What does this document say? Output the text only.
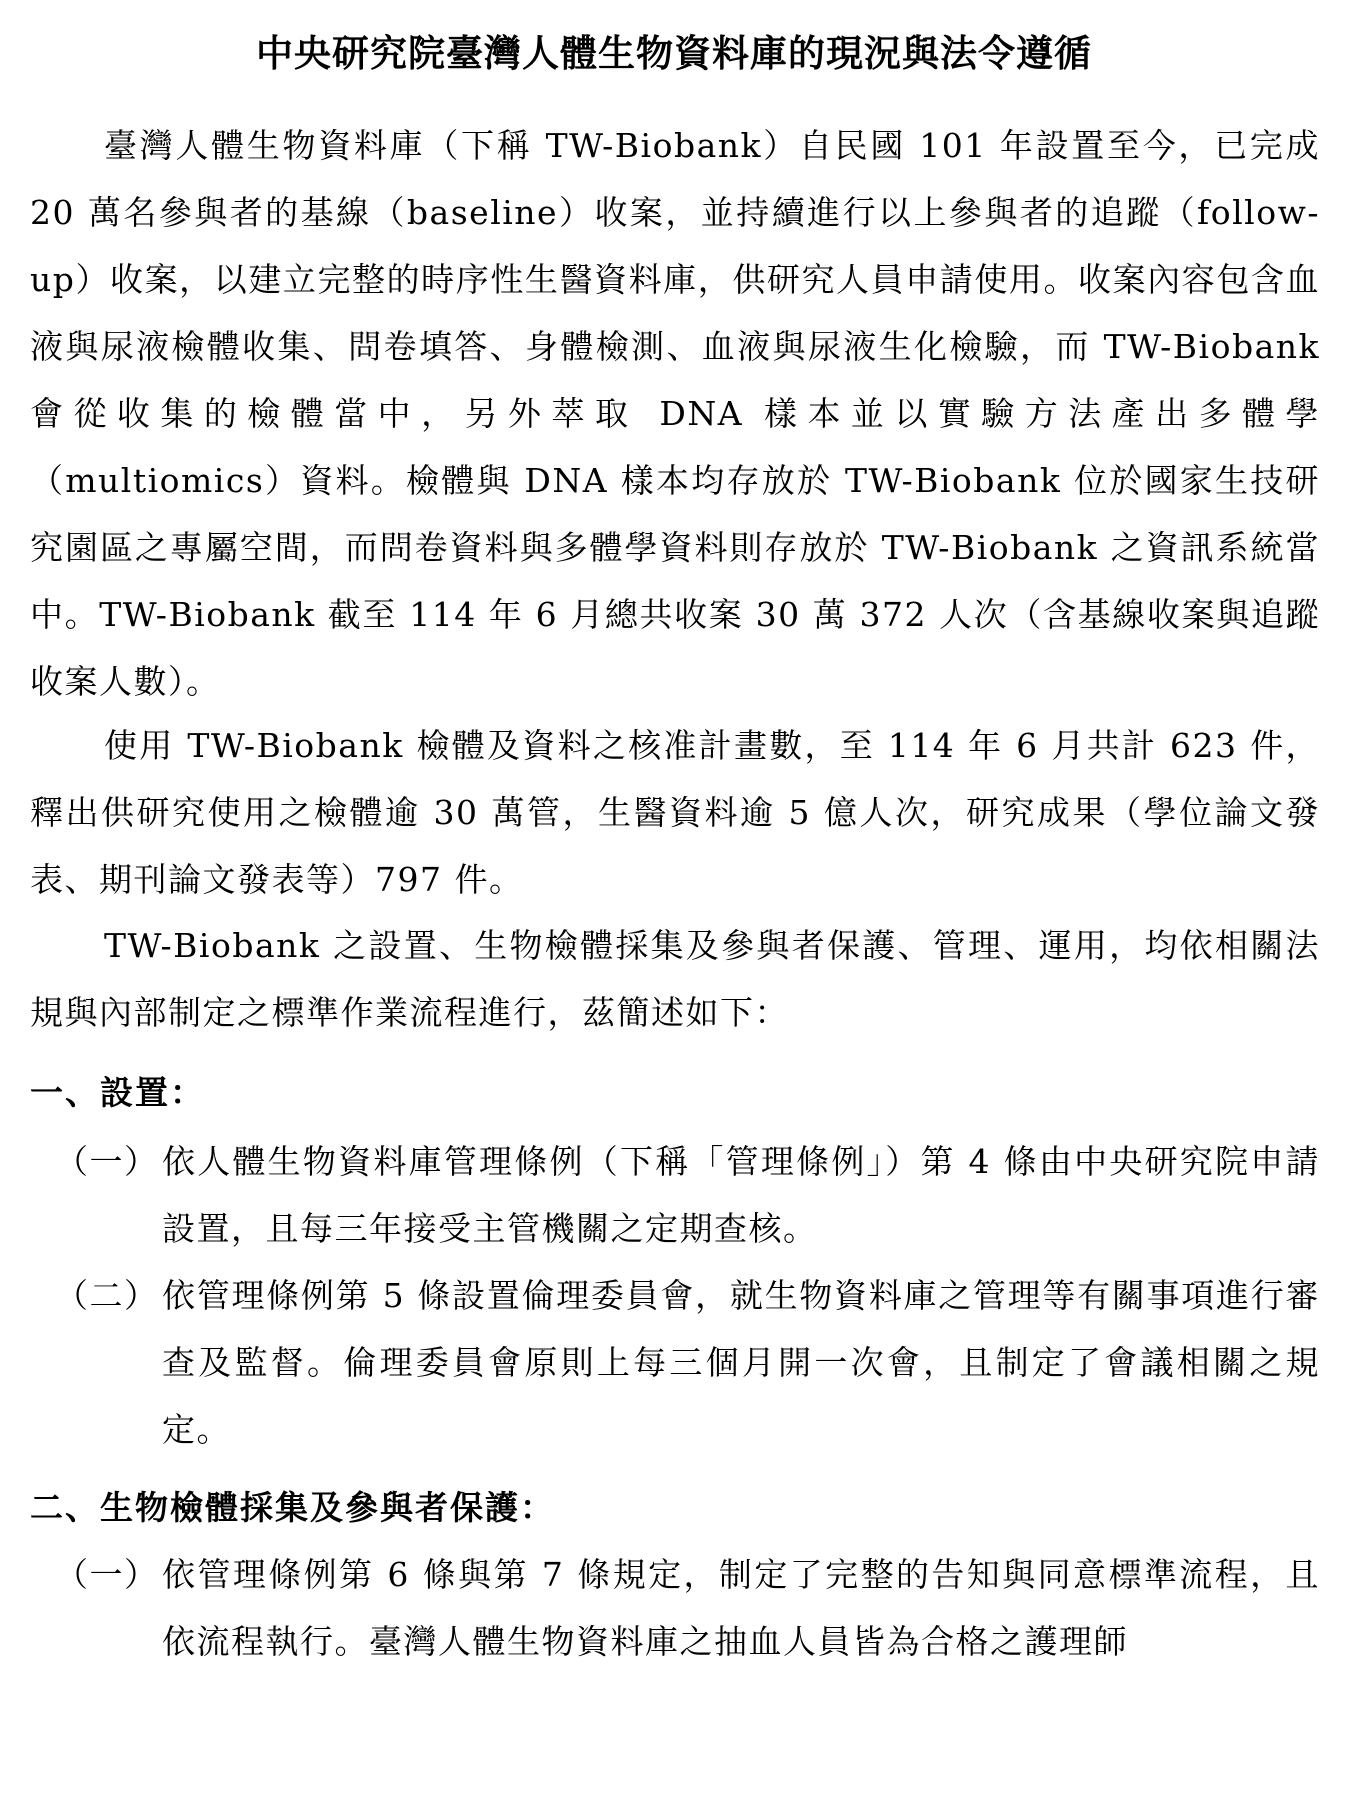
中央研究院臺灣人體生物資料庫的現況與法令遵循
臺灣人體生物資料庫（下稱 TW-Biobank）自民國 101 年設置至今，已完成 20 萬名參與者的基線（baseline）收案，並持續進行以上參與者的追蹤（follow-up）收案，以建立完整的時序性生醫資料庫，供研究人員申請使用。收案內容包含血液與尿液檢體收集、問卷填答、身體檢測、血液與尿液生化檢驗，而 TW-Biobank 會從收集的檢體當中，另外萃取 DNA 樣本並以實驗方法產出多體學（multiomics）資料。檢體與 DNA 樣本均存放於 TW-Biobank 位於國家生技研究園區之專屬空間，而問卷資料與多體學資料則存放於 TW-Biobank 之資訊系統當中。TW-Biobank 截至 114 年 6 月總共收案 30 萬 372 人次（含基線收案與追蹤收案人數）。
使用 TW-Biobank 檢體及資料之核准計畫數，至 114 年 6 月共計 623 件，釋出供研究使用之檢體逾 30 萬管，生醫資料逾 5 億人次，研究成果（學位論文發表、期刊論文發表等）797 件。
TW-Biobank 之設置、生物檢體採集及參與者保護、管理、運用，均依相關法規與內部制定之標準作業流程進行，茲簡述如下：
一、設置：
（一） 依人體生物資料庫管理條例（下稱「管理條例」）第 4 條由中央研究院申請設置，且每三年接受主管機關之定期查核。
（二） 依管理條例第 5 條設置倫理委員會，就生物資料庫之管理等有關事項進行審查及監督。倫理委員會原則上每三個月開一次會，且制定了會議相關之規定。
二、生物檢體採集及參與者保護：
（一） 依管理條例第 6 條與第 7 條規定，制定了完整的告知與同意標準流程，且依流程執行。臺灣人體生物資料庫之抽血人員皆為合格之護理師
